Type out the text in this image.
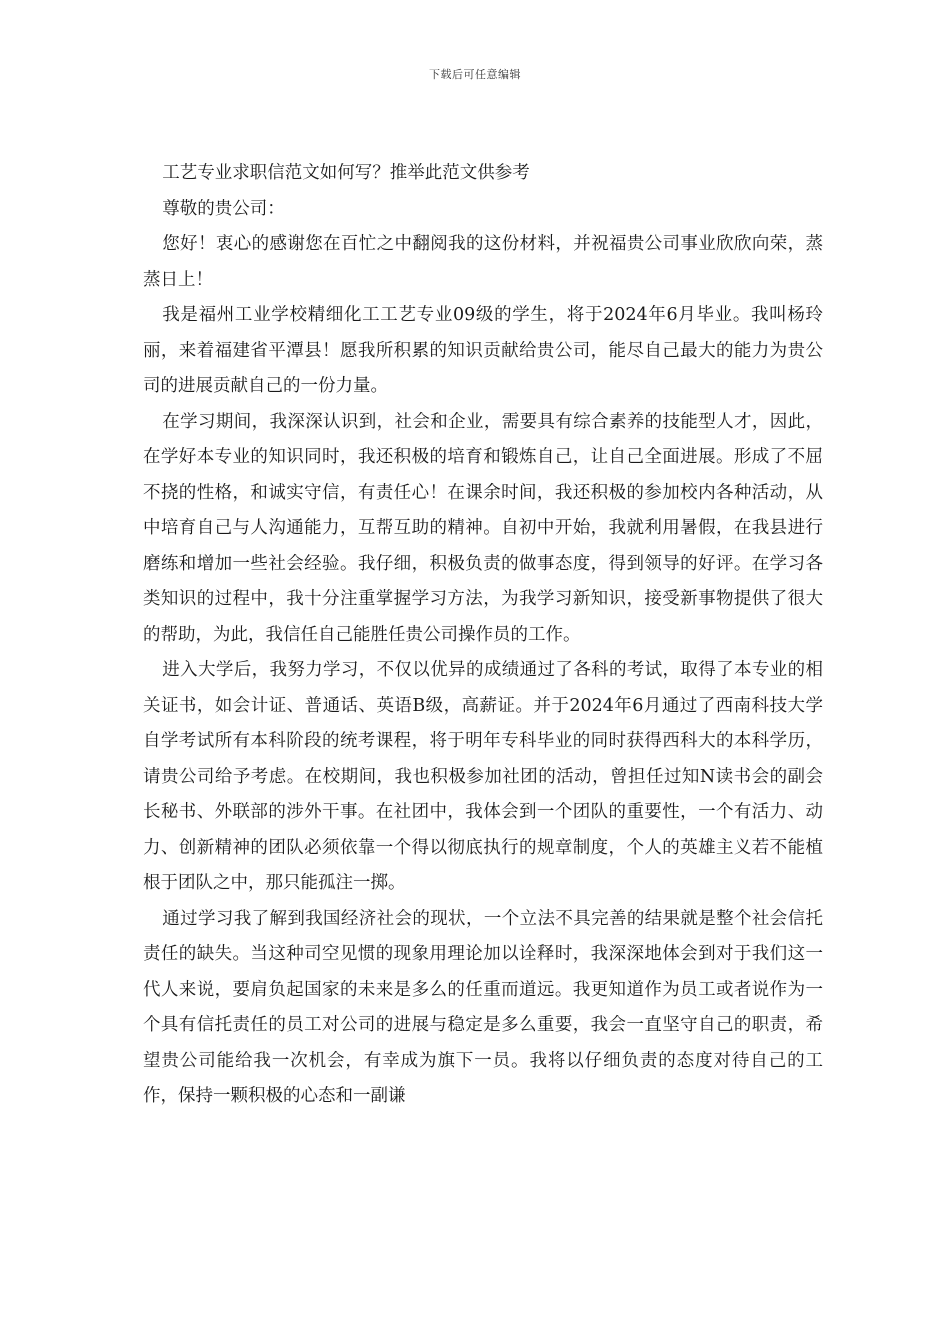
下载后可任意编辑

工艺专业求职信范文如何写？推举此范文供参考

尊敬的贵公司：

您好！衷心的感谢您在百忙之中翻阅我的这份材料，并祝福贵公司事业欣欣向荣，蒸蒸日上！

我是福州工业学校精细化工工艺专业09级的学生，将于2024年6月毕业。我叫杨玲丽，来着福建省平潭县！愿我所积累的知识贡献给贵公司，能尽自己最大的能力为贵公司的进展贡献自己的一份力量。

在学习期间，我深深认识到，社会和企业，需要具有综合素养的技能型人才，因此，在学好本专业的知识同时，我还积极的培育和锻炼自己，让自己全面进展。形成了不屈不挠的性格，和诚实守信，有责任心！在课余时间，我还积极的参加校内各种活动，从中培育自己与人沟通能力，互帮互助的精神。自初中开始，我就利用暑假，在我县进行磨练和增加一些社会经验。我仔细，积极负责的做事态度，得到领导的好评。在学习各类知识的过程中，我十分注重掌握学习方法，为我学习新知识，接受新事物提供了很大的帮助，为此，我信任自己能胜任贵公司操作员的工作。

进入大学后，我努力学习，不仅以优异的成绩通过了各科的考试，取得了本专业的相关证书，如会计证、普通话、英语B级，高薪证。并于2024年6月通过了西南科技大学自学考试所有本科阶段的统考课程，将于明年专科毕业的同时获得西科大的本科学历，请贵公司给予考虑。在校期间，我也积极参加社团的活动，曾担任过知N读书会的副会长秘书、外联部的涉外干事。在社团中，我体会到一个团队的重要性，一个有活力、动力、创新精神的团队必须依靠一个得以彻底执行的规章制度，个人的英雄主义若不能植根于团队之中，那只能孤注一掷。

通过学习我了解到我国经济社会的现状，一个立法不具完善的结果就是整个社会信托责任的缺失。当这种司空见惯的现象用理论加以诠释时，我深深地体会到对于我们这一代人来说，要肩负起国家的未来是多么的任重而道远。我更知道作为员工或者说作为一个具有信托责任的员工对公司的进展与稳定是多么重要，我会一直坚守自己的职责，希望贵公司能给我一次机会，有幸成为旗下一员。我将以仔细负责的态度对待自己的工作，保持一颗积极的心态和一副谦
